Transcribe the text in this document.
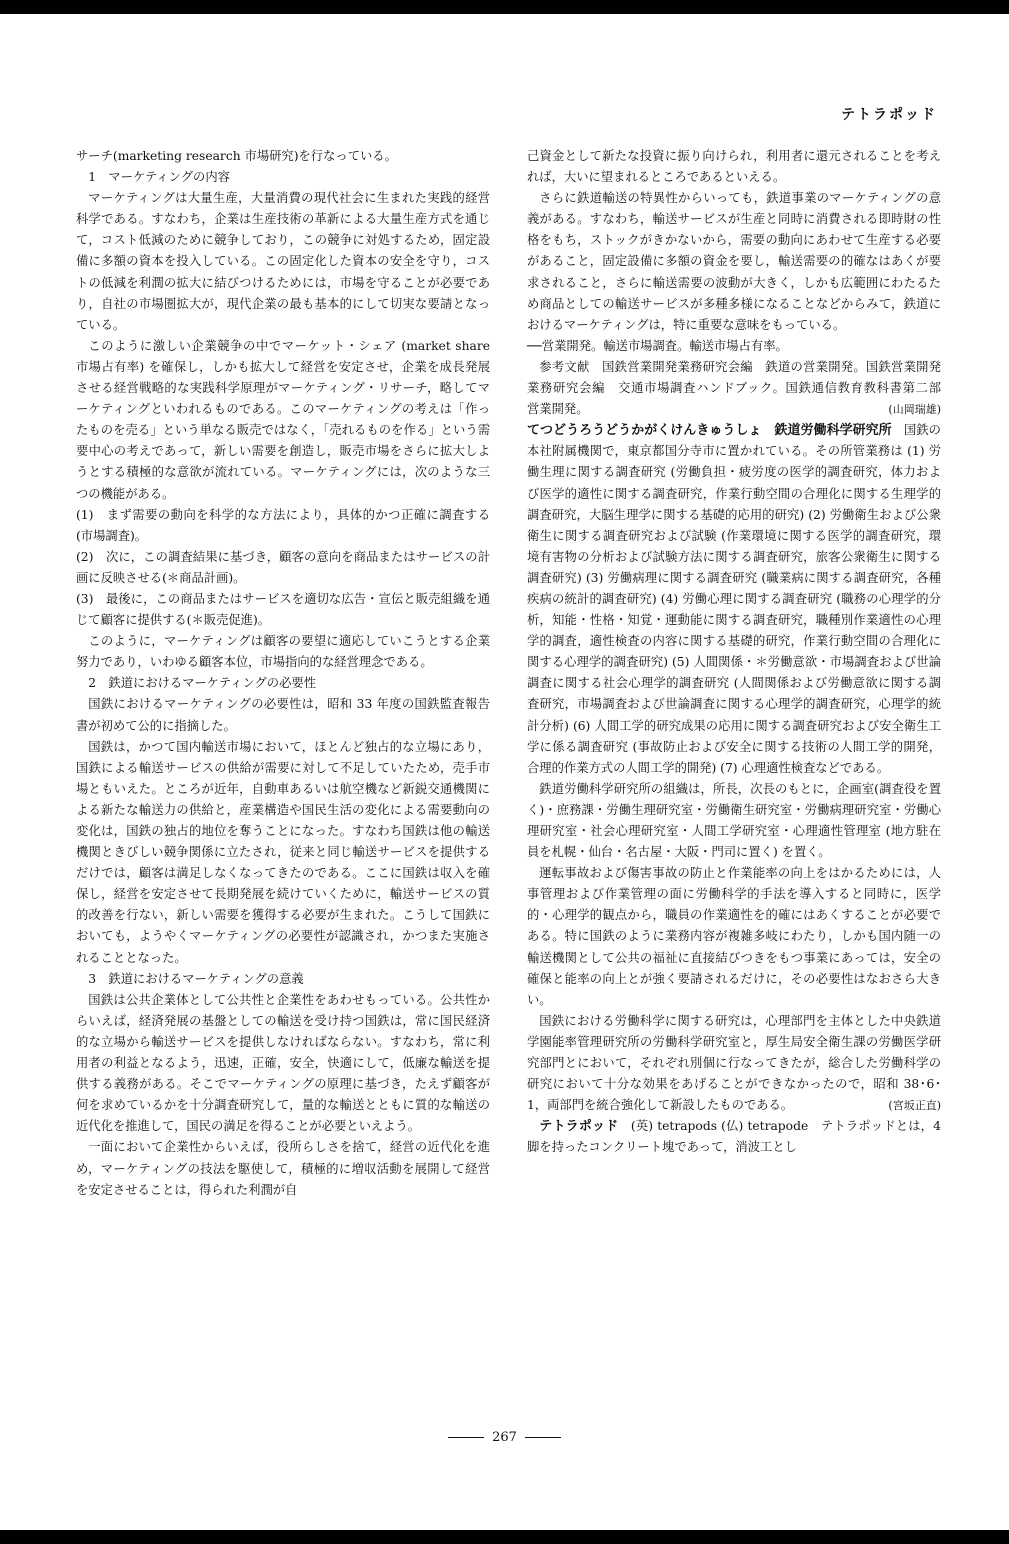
テトラポッド

サーチ(marketing research 市場研究)を行なっている。

1　マーケティングの内容

マーケティングは大量生産，大量消費の現代社会に生まれた実践的経営科学である。すなわち，企業は生産技術の革新による大量生産方式を通じて，コスト低減のために競争しており，この競争に対処するため，固定設備に多額の資本を投入している。この固定化した資本の安全を守り，コストの低減を利潤の拡大に結びつけるためには，市場を守ることが必要であり，自社の市場圏拡大が，現代企業の最も基本的にして切実な要請となっている。

このように激しい企業競争の中でマーケット・シェア (market share 市場占有率) を確保し，しかも拡大して経営を安定させ，企業を成長発展させる経営戦略的な実践科学原理がマーケティング・リサーチ，略してマーケティングといわれるものである。このマーケティングの考えは「作ったものを売る」という単なる販売ではなく，「売れるものを作る」という需要中心の考えであって，新しい需要を創造し，販売市場をさらに拡大しようとする積極的な意欲が流れている。マーケティングには，次のような三つの機能がある。

(1)　まず需要の動向を科学的な方法により，具体的かつ正確に調査する(市場調査)。

(2)　次に，この調査結果に基づき，顧客の意向を商品またはサービスの計画に反映させる(＊商品計画)。

(3)　最後に，この商品またはサービスを適切な広告・宣伝と販売組織を通じて顧客に提供する(＊販売促進)。

このように，マーケティングは顧客の要望に適応していこうとする企業努力であり，いわゆる顧客本位，市場指向的な経営理念である。

2　鉄道におけるマーケティングの必要性

国鉄におけるマーケティングの必要性は，昭和 33 年度の国鉄監査報告書が初めて公的に指摘した。

国鉄は，かつて国内輸送市場において，ほとんど独占的な立場にあり，国鉄による輸送サービスの供給が需要に対して不足していたため，売手市場ともいえた。ところが近年，自動車あるいは航空機など新鋭交通機関による新たな輸送力の供給と，産業構造や国民生活の変化による需要動向の変化は，国鉄の独占的地位を奪うことになった。すなわち国鉄は他の輸送機関ときびしい競争関係に立たされ，従来と同じ輸送サービスを提供するだけでは，顧客は満足しなくなってきたのである。ここに国鉄は収入を確保し，経営を安定させて長期発展を続けていくために，輸送サービスの質的改善を行ない，新しい需要を獲得する必要が生まれた。こうして国鉄においても，ようやくマーケティングの必要性が認識され，かつまた実施されることとなった。

3　鉄道におけるマーケティングの意義

国鉄は公共企業体として公共性と企業性をあわせもっている。公共性からいえば，経済発展の基盤としての輸送を受け持つ国鉄は，常に国民経済的な立場から輸送サービスを提供しなければならない。すなわち，常に利用者の利益となるよう，迅速，正確，安全，快適にして，低廉な輸送を提供する義務がある。そこでマーケティングの原理に基づき，たえず顧客が何を求めているかを十分調査研究して，量的な輸送とともに質的な輸送の近代化を推進して，国民の満足を得ることが必要といえよう。

一面において企業性からいえば，役所らしさを捨て，経営の近代化を進め，マーケティングの技法を駆使して，積極的に増収活動を展開して経営を安定させることは，得られた利潤が自

己資金として新たな投資に振り向けられ，利用者に還元されることを考えれば，大いに望まれるところであるといえる。

さらに鉄道輸送の特異性からいっても，鉄道事業のマーケティングの意義がある。すなわち，輸送サービスが生産と同時に消費される即時財の性格をもち，ストックがきかないから，需要の動向にあわせて生産する必要があること，固定設備に多額の資金を要し，輸送需要の的確なはあくが要求されること，さらに輸送需要の波動が大きく，しかも広範囲にわたるため商品としての輸送サービスが多種多様になることなどからみて，鉄道におけるマーケティングは，特に重要な意味をもっている。

──営業開発。輸送市場調査。輸送市場占有率。

参考文献　国鉄営業開発業務研究会編　鉄道の営業開発。国鉄営業開発業務研究会編　交通市場調査ハンドブック。国鉄通信教育教科書第二部　営業開発。	(山岡瑞雄)

てつどうろうどうかがくけんきゅうしょ　鉄道労働科学研究所　 国鉄の本社附属機関で，東京都国分寺市に置かれている。その所管業務は (1) 労働生理に関する調査研究 (労働負担・疲労度の医学的調査研究，体力および医学的適性に関する調査研究，作業行動空間の合理化に関する生理学的調査研究，大脳生理学に関する基礎的応用的研究) (2) 労働衛生および公衆衛生に関する調査研究および試験 (作業環境に関する医学的調査研究，環境有害物の分析および試験方法に関する調査研究，旅客公衆衛生に関する調査研究) (3) 労働病理に関する調査研究 (職業病に関する調査研究，各種疾病の統計的調査研究) (4) 労働心理に関する調査研究 (職務の心理学的分析，知能・性格・知覚・運動能に関する調査研究，職種別作業適性の心理学的調査，適性検査の内容に関する基礎的研究，作業行動空間の合理化に関する心理学的調査研究) (5) 人間関係・＊労働意欲・市場調査および世論調査に関する社会心理学的調査研究 (人間関係および労働意欲に関する調査研究，市場調査および世論調査に関する心理学的調査研究，心理学的統計分析) (6) 人間工学的研究成果の応用に関する調査研究および安全衛生工学に係る調査研究 (事故防止および安全に関する技術の人間工学的開発，合理的作業方式の人間工学的開発) (7) 心理適性検査などである。

鉄道労働科学研究所の組織は，所長，次長のもとに，企画室(調査役を置く)・庶務課・労働生理研究室・労働衛生研究室・労働病理研究室・労働心理研究室・社会心理研究室・人間工学研究室・心理適性管理室 (地方駐在員を札幌・仙台・名古屋・大阪・門司に置く) を置く。

運転事故および傷害事故の防止と作業能率の向上をはかるためには，人事管理および作業管理の面に労働科学的手法を導入すると同時に，医学的・心理学的観点から，職員の作業適性を的確にはあくすることが必要である。特に国鉄のように業務内容が複雑多岐にわたり，しかも国内随一の輸送機関として公共の福祉に直接結びつきをもつ事業にあっては，安全の確保と能率の向上とが強く要請されるだけに，その必要性はなおさら大きい。

国鉄における労働科学に関する研究は，心理部門を主体とした中央鉄道学園能率管理研究所の労働科学研究室と，厚生局安全衛生課の労働医学研究部門とにおいて，それぞれ別個に行なってきたが，総合した労働科学の研究において十分な効果をあげることができなかったので，昭和 38･6･1，両部門を統合強化して新設したものである。	(宮坂正直)

テトラポッド　 (英) tetrapods (仏) tetrapode　テトラポッドとは，4 脚を持ったコンクリート塊であって，消波工とし

267
